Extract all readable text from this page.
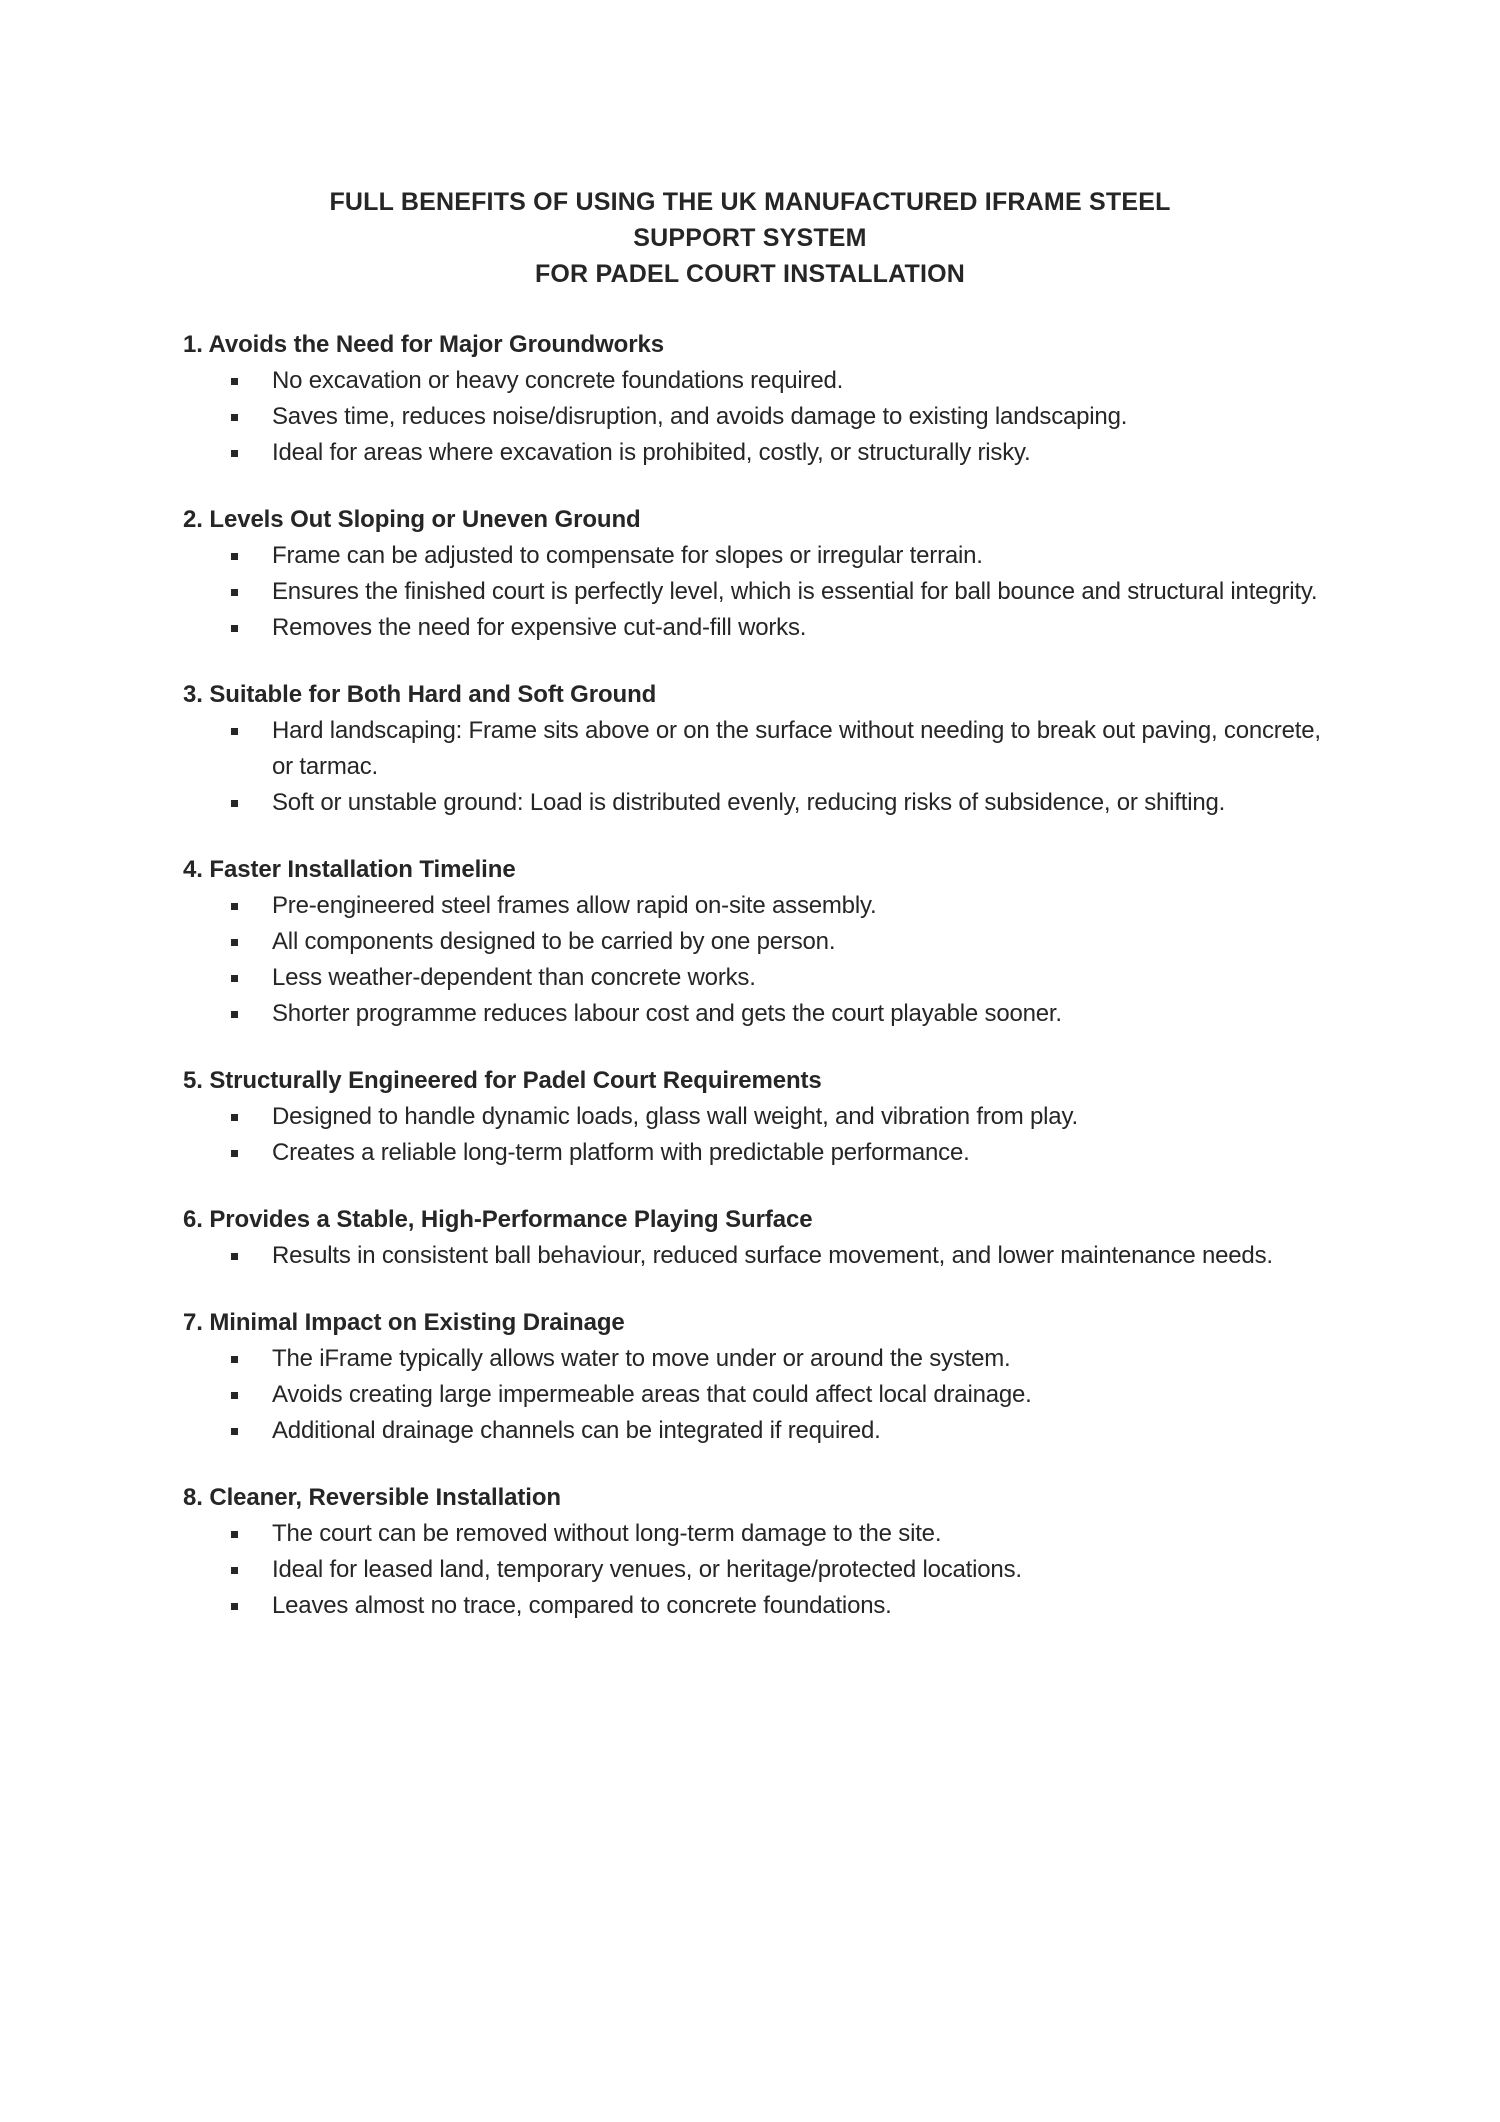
FULL BENEFITS OF USING THE UK MANUFACTURED IFRAME STEEL
SUPPORT SYSTEM
FOR PADEL COURT INSTALLATION
1. Avoids the Need for Major Groundworks
No excavation or heavy concrete foundations required.
Saves time, reduces noise/disruption, and avoids damage to existing landscaping.
Ideal for areas where excavation is prohibited, costly, or structurally risky.
2. Levels Out Sloping or Uneven Ground
Frame can be adjusted to compensate for slopes or irregular terrain.
Ensures the finished court is perfectly level, which is essential for ball bounce and structural integrity.
Removes the need for expensive cut-and-fill works.
3. Suitable for Both Hard and Soft Ground
Hard landscaping: Frame sits above or on the surface without needing to break out paving, concrete, or tarmac.
Soft or unstable ground: Load is distributed evenly, reducing risks of subsidence, or shifting.
4. Faster Installation Timeline
Pre-engineered steel frames allow rapid on-site assembly.
All components designed to be carried by one person.
Less weather-dependent than concrete works.
Shorter programme reduces labour cost and gets the court playable sooner.
5. Structurally Engineered for Padel Court Requirements
Designed to handle dynamic loads, glass wall weight, and vibration from play.
Creates a reliable long-term platform with predictable performance.
6. Provides a Stable, High-Performance Playing Surface
Results in consistent ball behaviour, reduced surface movement, and lower maintenance needs.
7. Minimal Impact on Existing Drainage
The iFrame typically allows water to move under or around the system.
Avoids creating large impermeable areas that could affect local drainage.
Additional drainage channels can be integrated if required.
8. Cleaner, Reversible Installation
The court can be removed without long-term damage to the site.
Ideal for leased land, temporary venues, or heritage/protected locations.
Leaves almost no trace, compared to concrete foundations.
